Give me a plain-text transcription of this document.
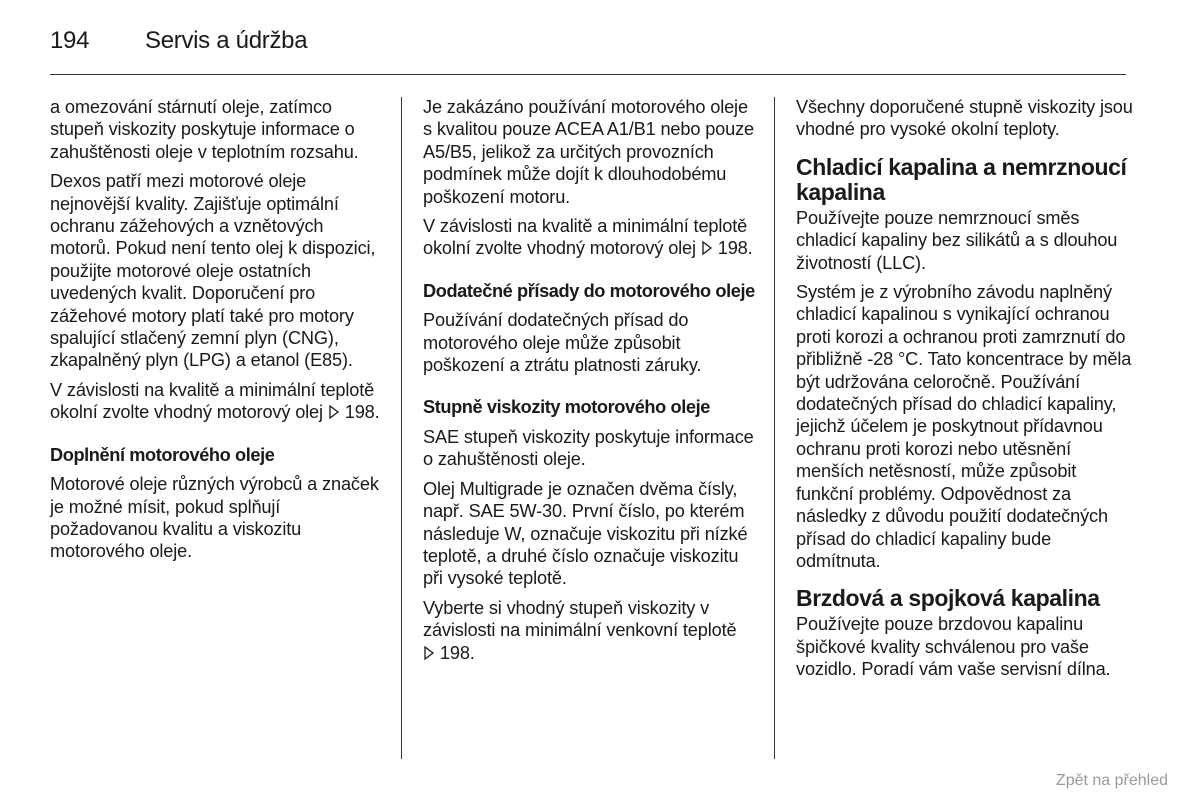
194 Servis a údržba

a omezování stárnutí oleje, zatímco stupeň viskozity poskytuje informace o zahuštěnosti oleje v teplotním rozsahu.

Dexos patří mezi motorové oleje nejnovější kvality. Zajišťuje optimální ochranu zážehových a vznětových motorů. Pokud není tento olej k dispozici, použijte motorové oleje ostatních uvedených kvalit. Doporučení pro zážehové motory platí také pro motory spalující stlačený zemní plyn (CNG), zkapalněný plyn (LPG) a etanol (E85).

V závislosti na kvalitě a minimální teplotě okolní zvolte vhodný motorový olej 198.

Doplnění motorového oleje

Motorové oleje různých výrobců a značek je možné mísit, pokud splňují požadovanou kvalitu a viskozitu motorového oleje.

Je zakázáno používání motorového oleje s kvalitou pouze ACEA A1/B1 nebo pouze A5/B5, jelikož za určitých provozních podmínek může dojít k dlouhodobému poškození motoru.

V závislosti na kvalitě a minimální teplotě okolní zvolte vhodný motorový olej 198.

Dodatečné přísady do motorového oleje

Používání dodatečných přísad do motorového oleje může způsobit poškození a ztrátu platnosti záruky.

Stupně viskozity motorového oleje

SAE stupeň viskozity poskytuje informace o zahuštěnosti oleje.

Olej Multigrade je označen dvěma čísly, např. SAE 5W-30. První číslo, po kterém následuje W, označuje viskozitu při nízké teplotě, a druhé číslo označuje viskozitu při vysoké teplotě.

Vyberte si vhodný stupeň viskozity v závislosti na minimální venkovní teplotě  198.

Všechny doporučené stupně viskozity jsou vhodné pro vysoké okolní teploty.

Chladicí kapalina a nemrznoucí kapalina

Používejte pouze nemrznoucí směs chladicí kapaliny bez silikátů a s dlouhou životností (LLC).

Systém je z výrobního závodu naplněný chladicí kapalinou s vynikající ochranou proti korozi a ochranou proti zamrznutí do přibližně -28 °C. Tato koncentrace by měla být udržována celoročně. Používání dodatečných přísad do chladicí kapaliny, jejichž účelem je poskytnout přídavnou ochranu proti korozi nebo utěsnění menších netěsností, může způsobit funkční problémy. Odpovědnost za následky z důvodu použití dodatečných přísad do chladicí kapaliny bude odmítnuta.

Brzdová a spojková kapalina

Používejte pouze brzdovou kapalinu špičkové kvality schválenou pro vaše vozidlo. Poradí vám vaše servisní dílna.

Zpět na přehled
